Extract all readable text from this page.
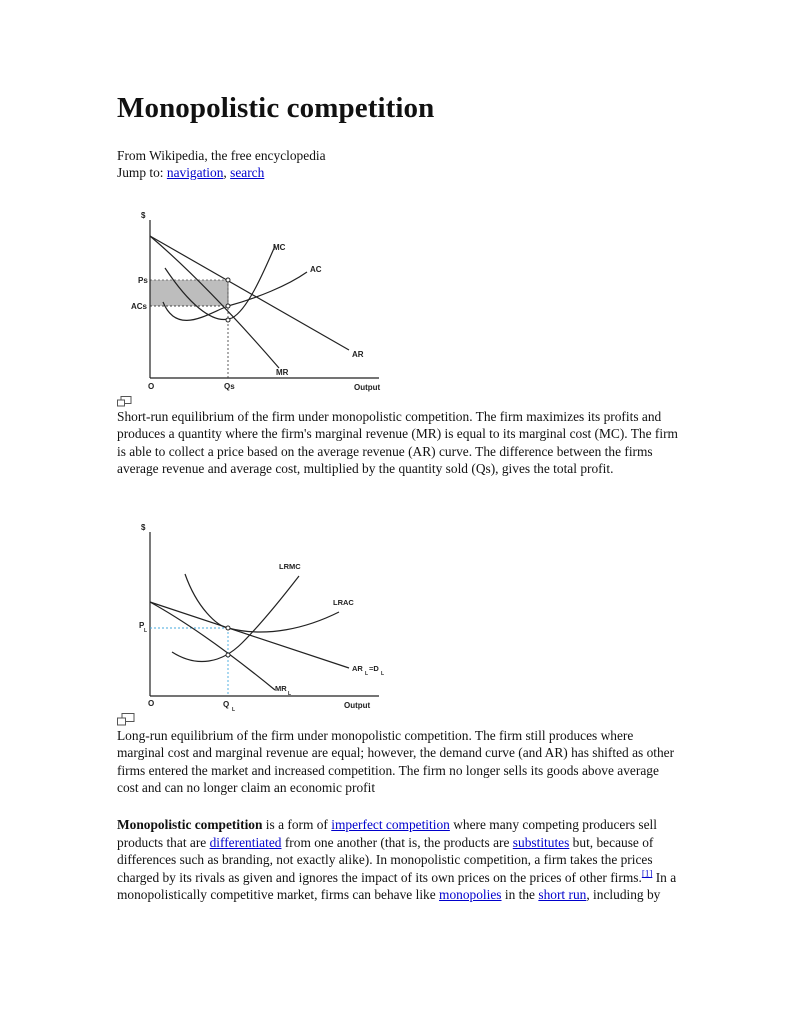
Monopolistic competition
From Wikipedia, the free encyclopedia
Jump to: navigation, search
$
MC
AC
AR
MR
Ps
ACs
O	Qs	Output
Short-run equilibrium of the firm under monopolistic competition. The firm maximizes its profits and produces a quantity where the firm's marginal revenue (MR) is equal to its marginal cost (MC). The firm is able to collect a price based on the average revenue (AR) curve. The difference between the firms average revenue and average cost, multiplied by the quantity sold (Qs), gives the total profit.
$
LRMC
LRAC
P
L
AR
L
=D
L
MR
L
O	Q
L	Output
Long-run equilibrium of the firm under monopolistic competition. The firm still produces where marginal cost and marginal revenue are equal; however, the demand curve (and AR) has shifted as other firms entered the market and increased competition. The firm no longer sells its goods above average cost and can no longer claim an economic profit
Monopolistic competition is a form of imperfect competition where many competing producers sell products that are differentiated from one another (that is, the products are substitutes but, because of differences such as branding, not exactly alike). In monopolistic competition, a firm takes the prices charged by its rivals as given and ignores the impact of its own prices on the prices of other firms.[1] In a monopolistically competitive market, firms can behave like monopolies in the short run, including by
